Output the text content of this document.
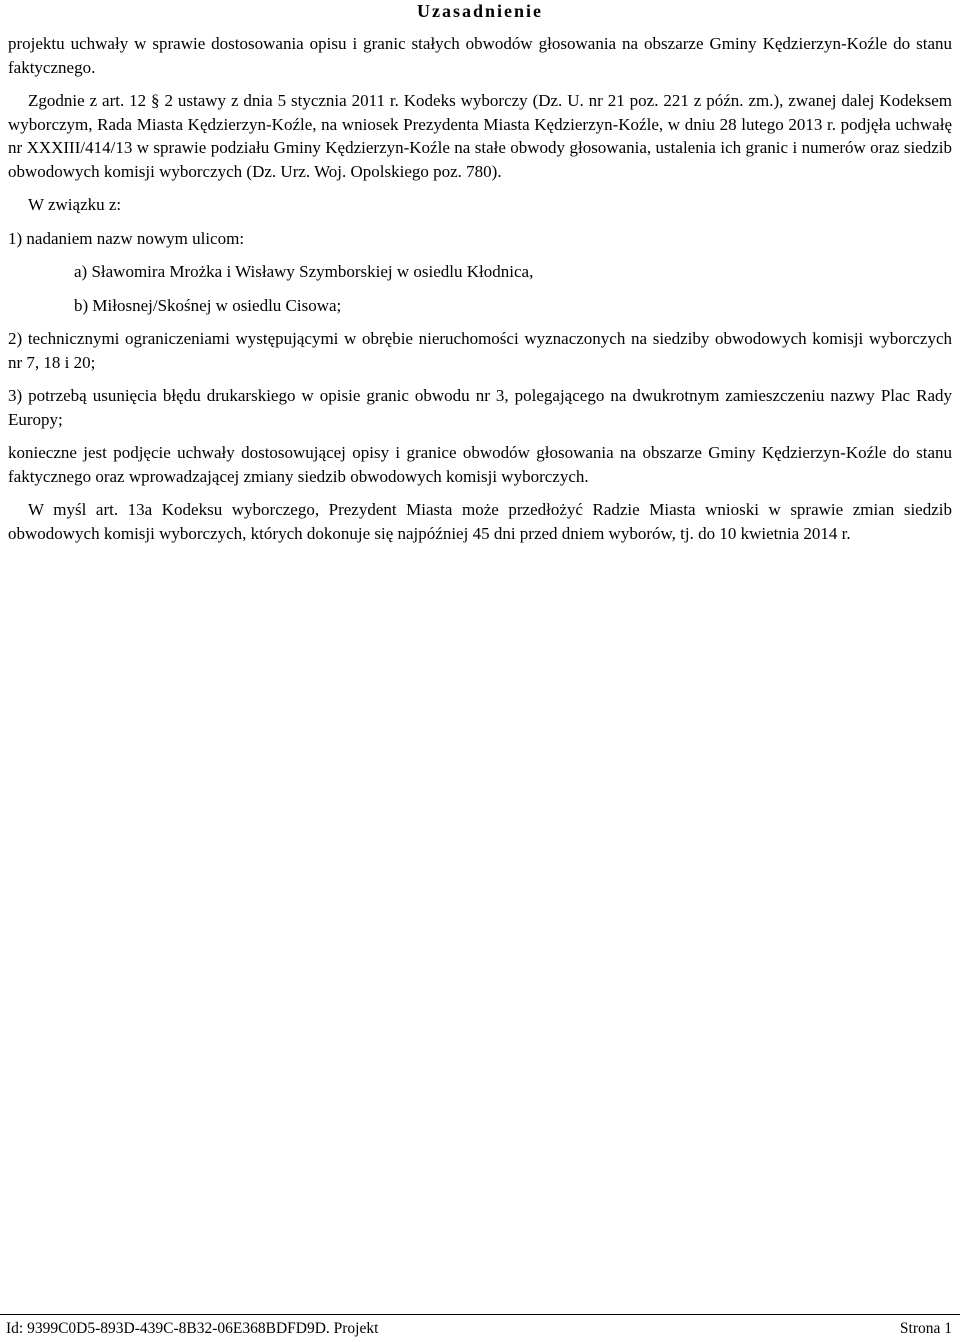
Uzasadnienie

projektu uchwały w sprawie dostosowania opisu i granic stałych obwodów głosowania na obszarze Gminy Kędzierzyn-Koźle do stanu faktycznego.

Zgodnie z art. 12 § 2 ustawy z dnia 5 stycznia 2011 r. Kodeks wyborczy (Dz. U. nr 21 poz. 221 z późn. zm.), zwanej dalej Kodeksem wyborczym, Rada Miasta Kędzierzyn-Koźle, na wniosek Prezydenta Miasta Kędzierzyn-Koźle, w dniu 28 lutego 2013 r. podjęła uchwałę nr XXXIII/414/13 w sprawie podziału Gminy Kędzierzyn-Koźle na stałe obwody głosowania, ustalenia ich granic i numerów oraz siedzib obwodowych komisji wyborczych (Dz. Urz. Woj. Opolskiego poz. 780).

W związku z:

1) nadaniem nazw nowym ulicom:

a) Sławomira Mrożka i Wisławy Szymborskiej w osiedlu Kłodnica,

b) Miłosnej/Skośnej w osiedlu Cisowa;

2) technicznymi ograniczeniami występującymi w obrębie nieruchomości wyznaczonych na siedziby obwodowych komisji wyborczych nr 7, 18 i 20;

3) potrzebą usunięcia błędu drukarskiego w opisie granic obwodu nr 3, polegającego na dwukrotnym zamieszczeniu nazwy Plac Rady Europy;

konieczne jest podjęcie uchwały dostosowującej opisy i granice obwodów głosowania na obszarze Gminy Kędzierzyn-Koźle do stanu faktycznego oraz wprowadzającej zmiany siedzib obwodowych komisji wyborczych.

W myśl art. 13a Kodeksu wyborczego, Prezydent Miasta może przedłożyć Radzie Miasta wnioski w sprawie zmian siedzib obwodowych komisji wyborczych, których dokonuje się najpóźniej 45 dni przed dniem wyborów, tj. do 10 kwietnia 2014 r.

Id: 9399C0D5-893D-439C-8B32-06E368BDFD9D. Projekt	Strona 1
